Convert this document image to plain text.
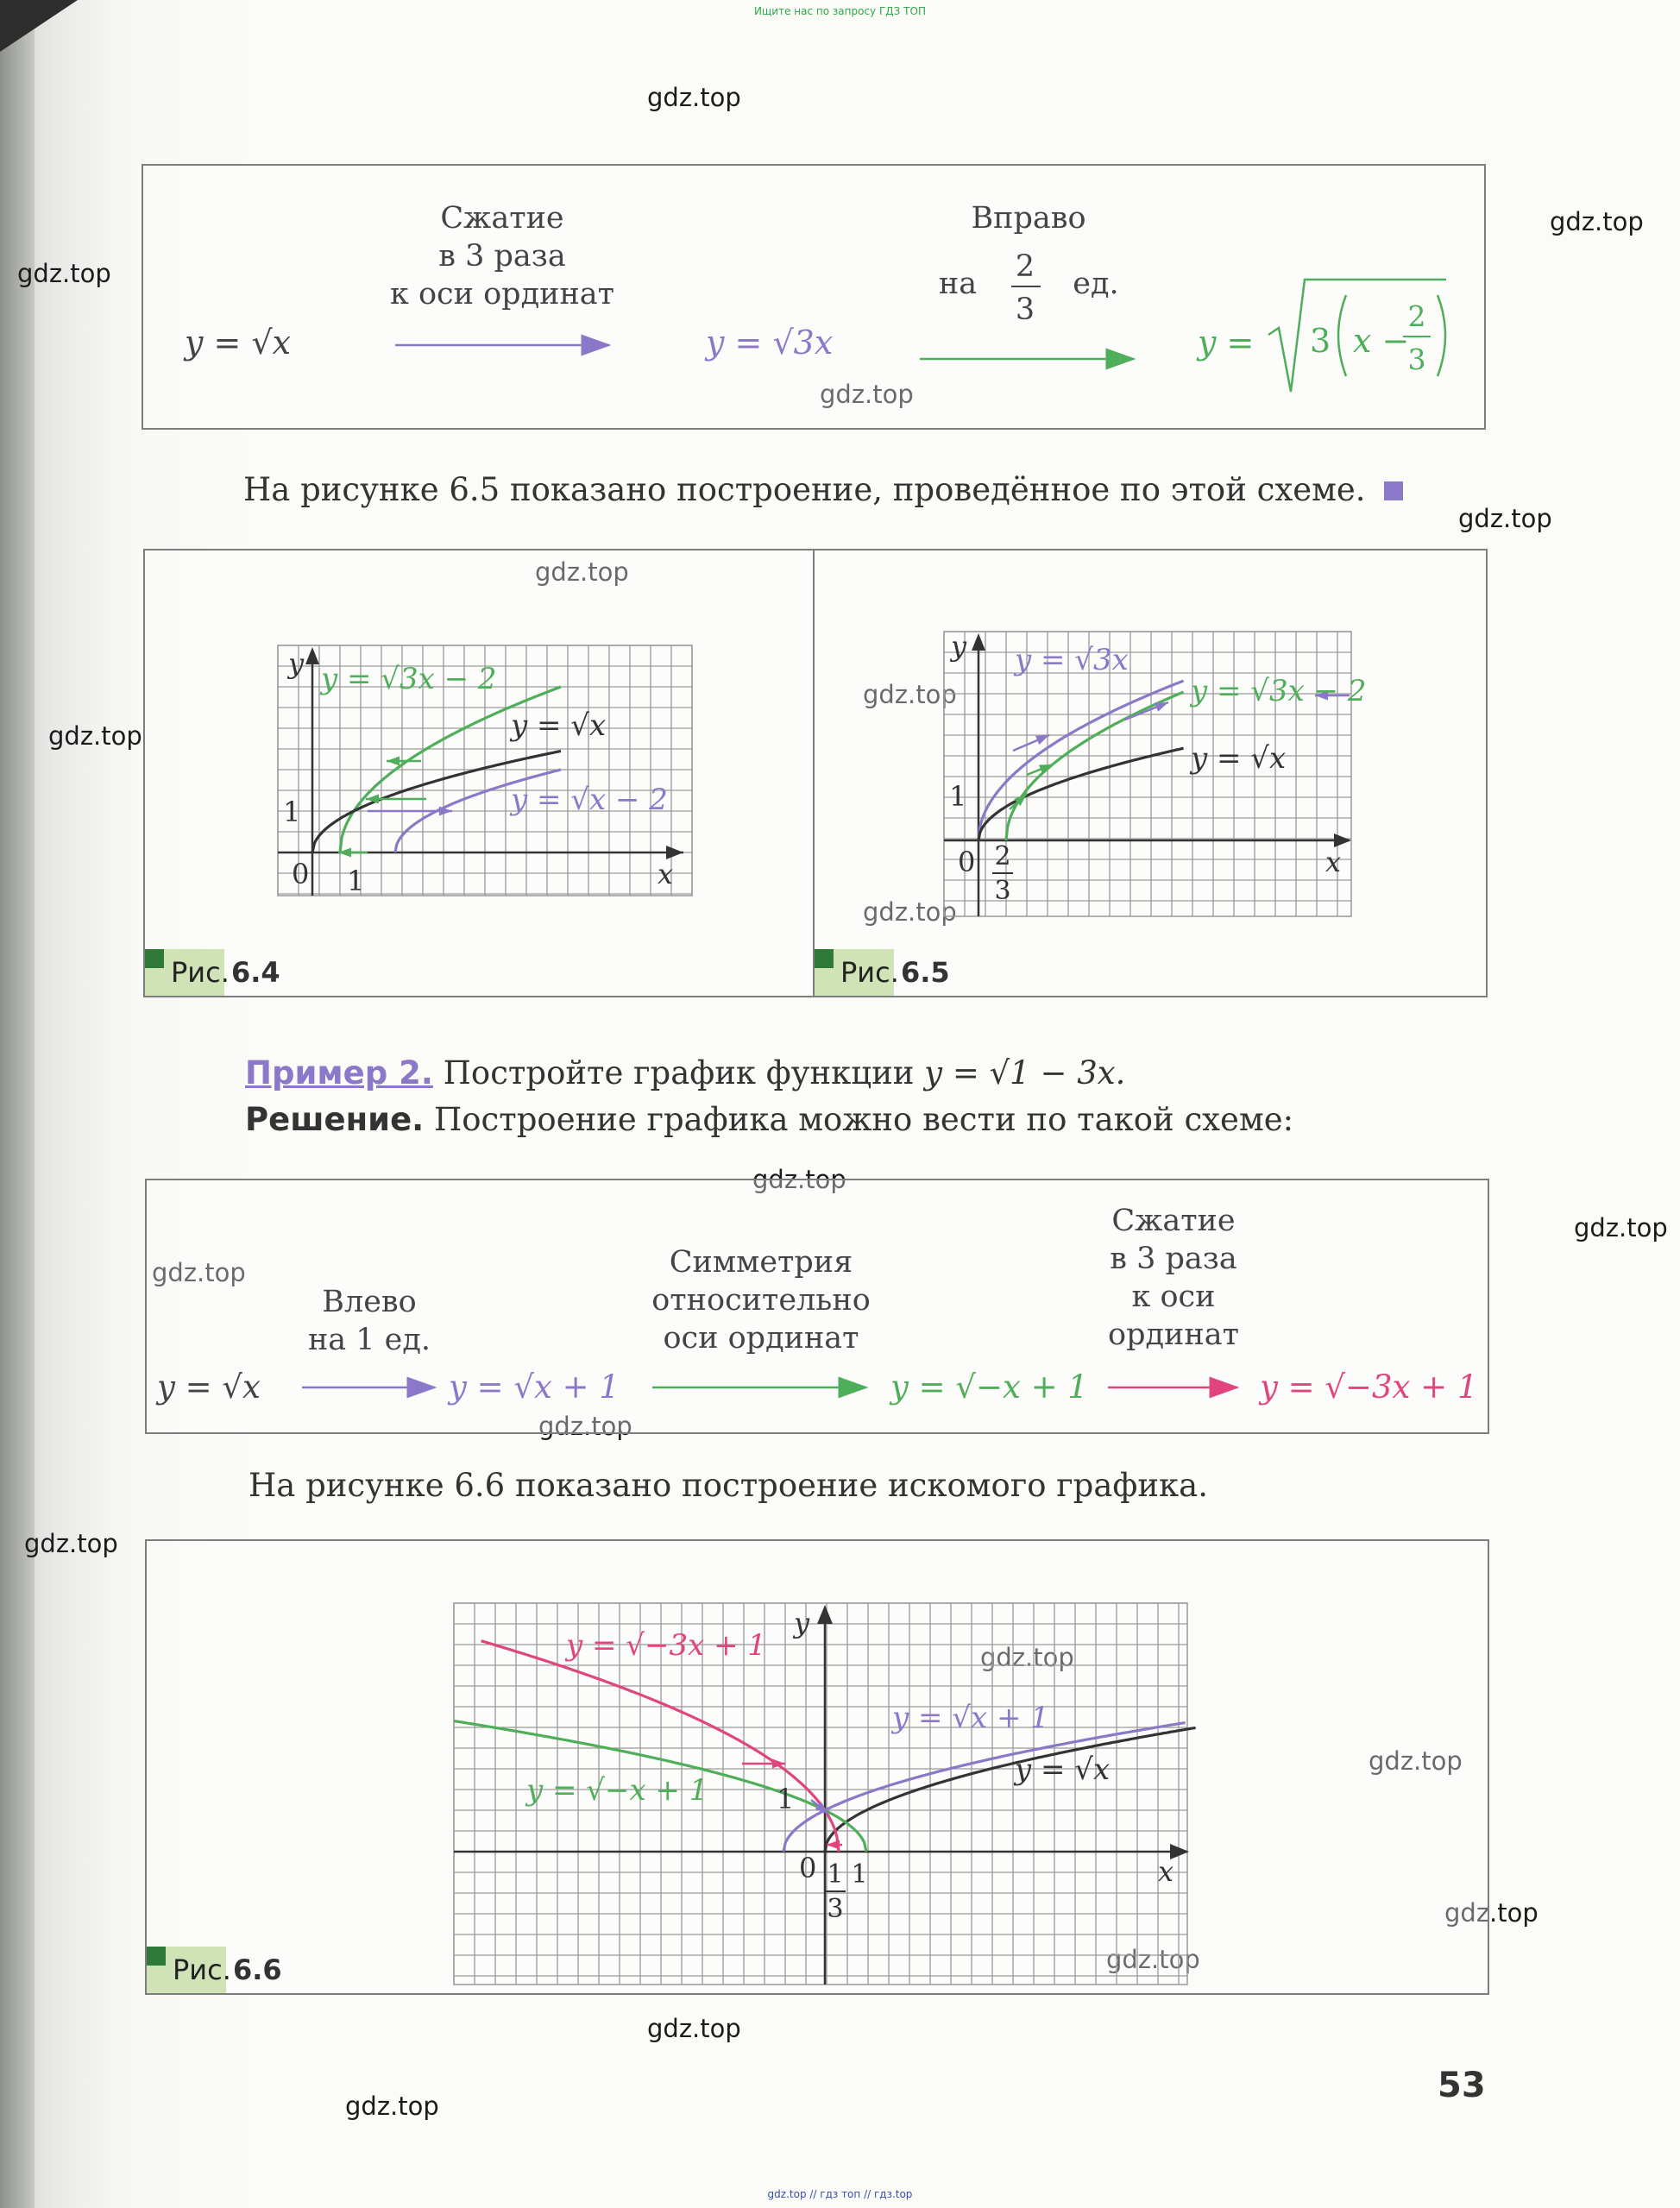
Ищите нас по запросу ГДЗ ТОП
gdz.top
gdz.top
gdz.top
gdz.top
gdz.top
gdz.top
gdz.top
gdz.top
gdz.top
gdz.top
gdz.top
gdz.top
gdz.top
gdz.top
gdz.top
gdz.top
gdz.top
gdz.top
gdz.top
gdz.top
y = √x
Сжатие
в 3 раза
к оси ординат
y = √3x
Вправо
на 2
3
ед.
y = 3 x −
2
3
На рисунке 6.5 показано построение, проведённое по этой схеме.
y = √3x − 2
y = √x
y = √x − 2
y
x
1
0 1
y = √3x
y = √3x − 2
y = √x
y
x
1
0 2
3
Рис. 6.4	Рис. 6.5
Пример 2. Постройте график функции y = √1 − 3x.
Решение. Построение графика можно вести по такой схеме:
y = √x
Влево
на 1 ед.
y = √x + 1
Симметрия
относительно
оси ординат
y = √−x + 1
Сжатие
в 3 раза
к оси
ординат
y = √−3x + 1
На рисунке 6.6 показано построение искомого графика.
y = √−3x + 1
y = √x + 1
y = √−x + 1
y = √x
y
x
1
0 1
3
1
Рис. 6.6
53
gdz.top // гдз топ // гдз.top
